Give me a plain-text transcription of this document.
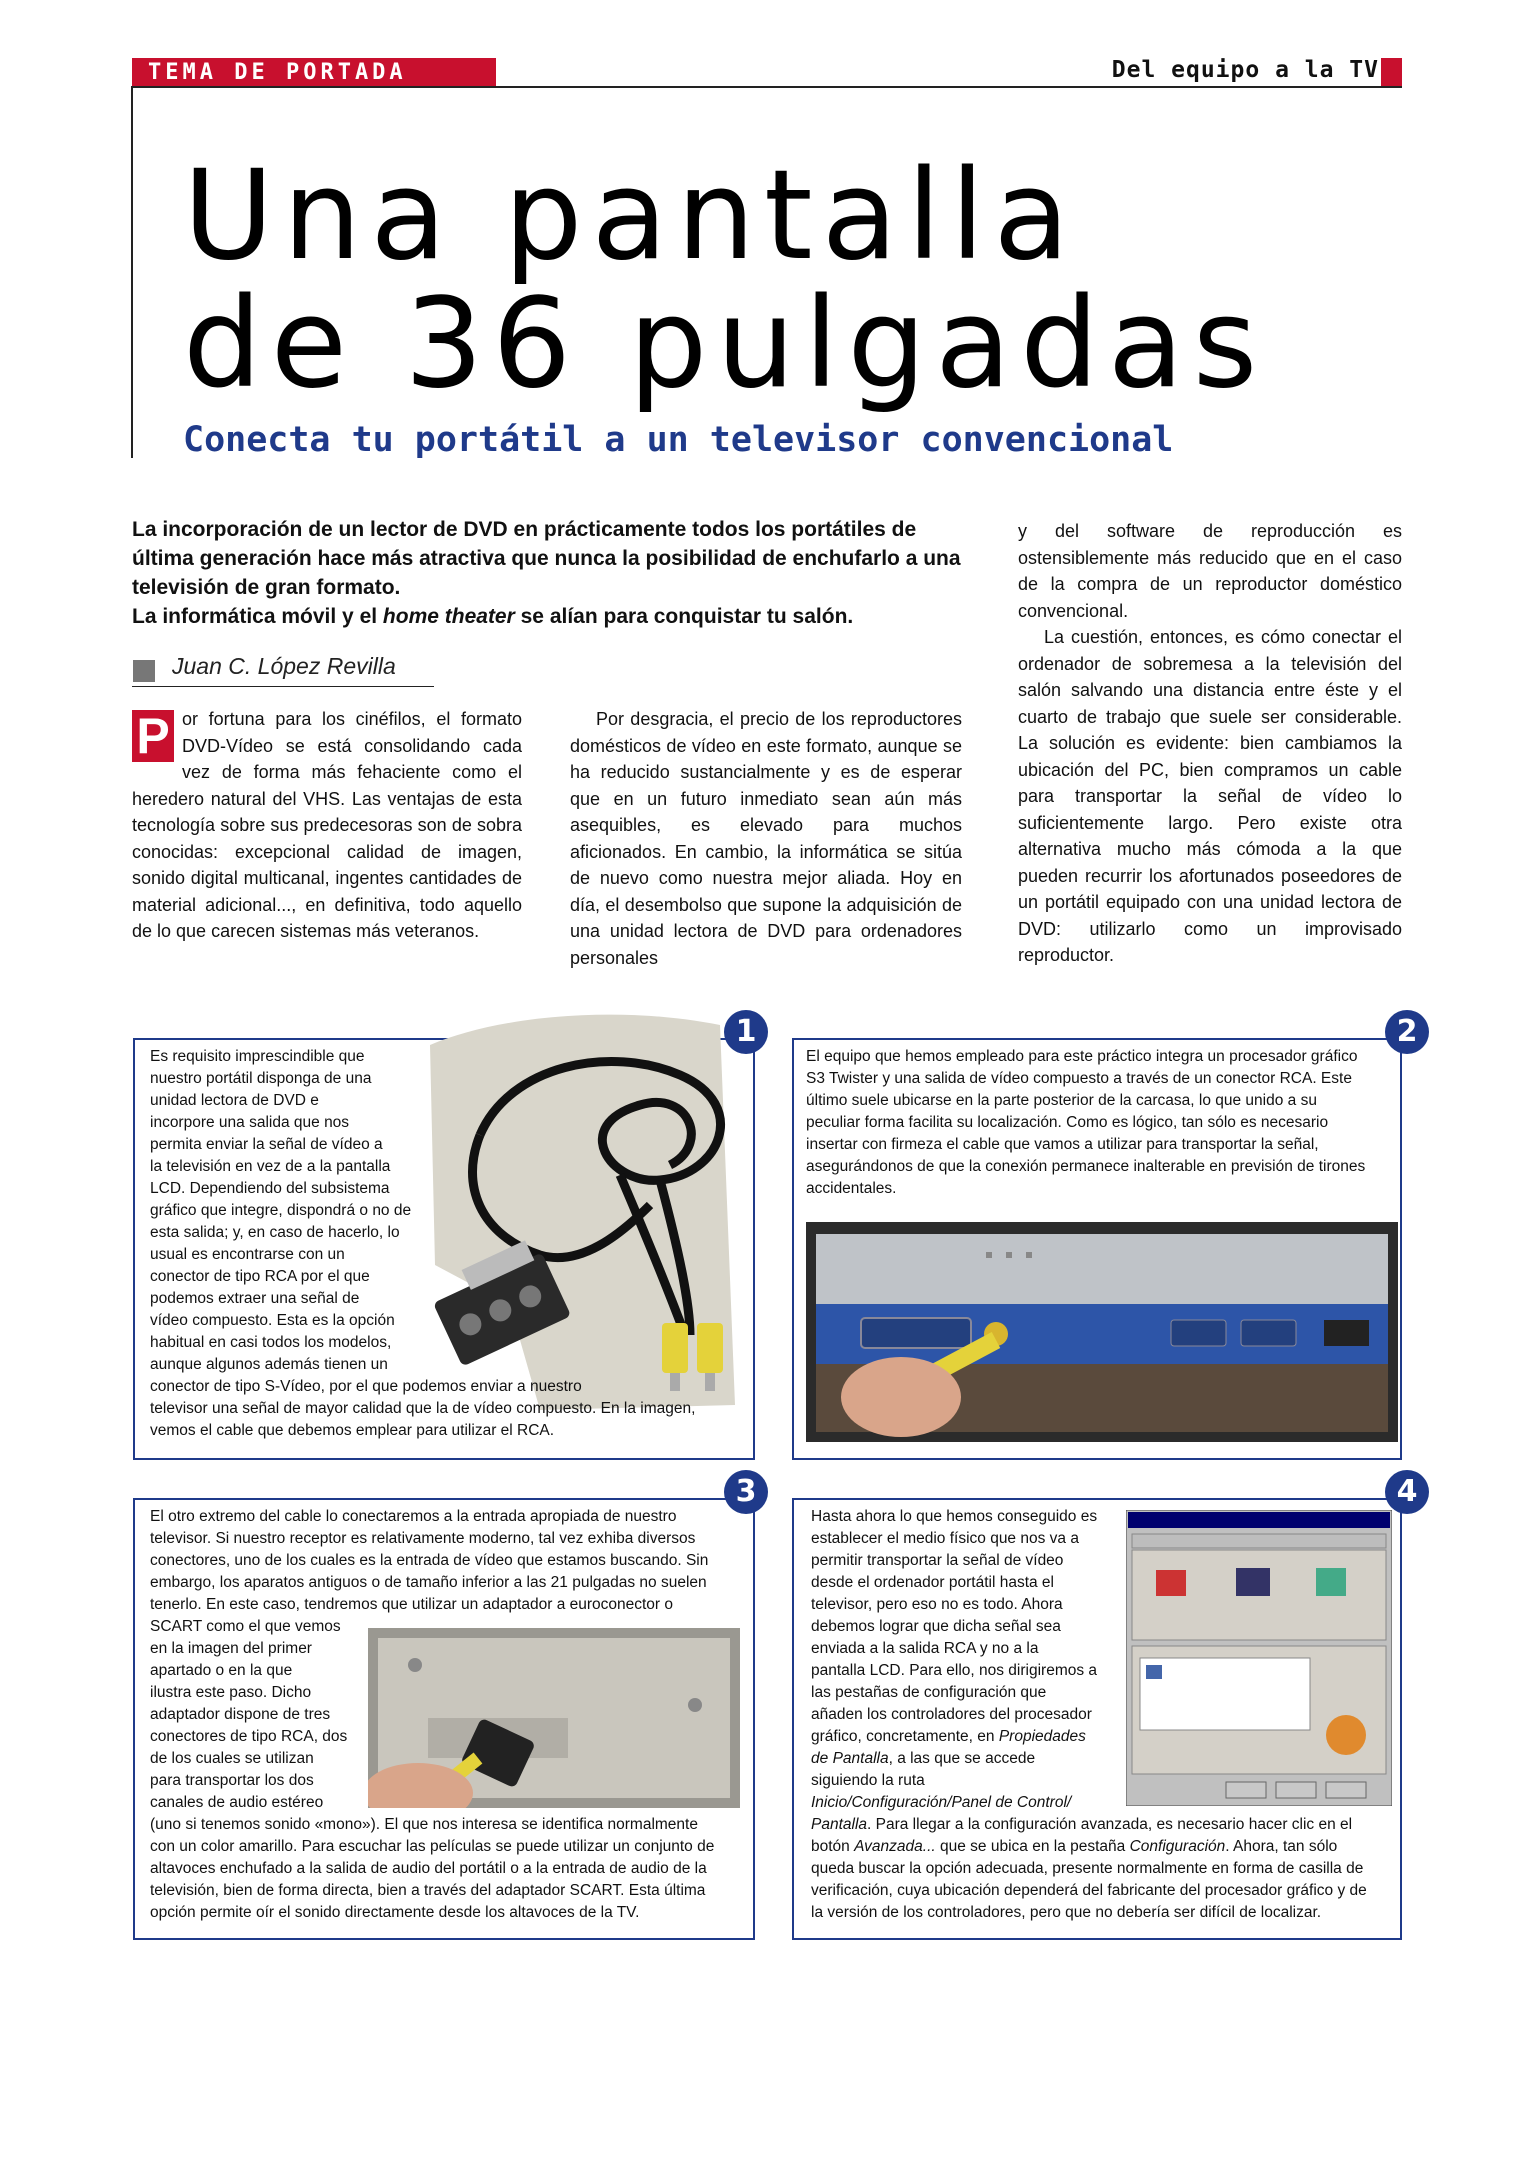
TEMA DE PORTADA	Del equipo a la TV
Una pantalla
de 36 pulgadas
Conecta tu portátil a un televisor convencional
La incorporación de un lector de DVD en prácticamente todos los portátiles de última generación hace más atractiva que nunca la posibilidad de enchufarlo a una televisión de gran formato.
La informática móvil y el home theater se alían para conquistar tu salón.
Juan C. López Revilla
P or fortuna para los cinéfilos, el formato DVD-Vídeo se está consolidando cada vez de forma más fehaciente como el heredero natural del VHS. Las ventajas de esta tecnología sobre sus predecesoras son de sobra conocidas: excepcional calidad de imagen, sonido digital multicanal, ingentes cantidades de material adicional..., en definitiva, todo aquello de lo que carecen sistemas más veteranos.

Por desgracia, el precio de los reproductores domésticos de vídeo en este formato, aunque se ha reducido sustancialmente y es de esperar que en un futuro inmediato sean aún más asequibles, es elevado para muchos aficionados. En cambio, la informática se sitúa de nuevo como nuestra mejor aliada. Hoy en día, el desembolso que supone la adquisición de una unidad lectora de DVD para ordenadores personales

y del software de reproducción es ostensiblemente más reducido que en el caso de la compra de un reproductor doméstico convencional.

La cuestión, entonces, es cómo conectar el ordenador de sobremesa a la televisión del salón salvando una distancia entre éste y el cuarto de trabajo que suele ser considerable. La solución es evidente: bien cambiamos la ubicación del PC, bien compramos un cable para transportar la señal de vídeo lo suficientemente largo. Pero existe otra alternativa mucho más cómoda a la que pueden recurrir los afortunados poseedores de un portátil equipado con una unidad lectora de DVD: utilizarlo como un improvisado reproductor.

1
Es requisito imprescindible que
nuestro portátil disponga de una
unidad lectora de DVD e
incorpore una salida que nos
permita enviar la señal de vídeo a
la televisión en vez de a la pantalla
LCD. Dependiendo del subsistema
gráfico que integre, dispondrá o no de
esta salida; y, en caso de hacerlo, lo
usual es encontrarse con un
conector de tipo RCA por el que
podemos extraer una señal de
vídeo compuesto. Esta es la opción
habitual en casi todos los modelos,
aunque algunos además tienen un
conector de tipo S-Vídeo, por el que podemos enviar a nuestro
televisor una señal de mayor calidad que la de vídeo compuesto. En la imagen,
vemos el cable que debemos emplear para utilizar el RCA.
2
El equipo que hemos empleado para este práctico integra un procesador gráfico
S3 Twister y una salida de vídeo compuesto a través de un conector RCA. Este
último suele ubicarse en la parte posterior de la carcasa, lo que unido a su
peculiar forma facilita su localización. Como es lógico, tan sólo es necesario
insertar con firmeza el cable que vamos a utilizar para transportar la señal,
asegurándonos de que la conexión permanece inalterable en previsión de tirones
accidentales.
3
El otro extremo del cable lo conectaremos a la entrada apropiada de nuestro
televisor. Si nuestro receptor es relativamente moderno, tal vez exhiba diversos
conectores, uno de los cuales es la entrada de vídeo que estamos buscando. Sin
embargo, los aparatos antiguos o de tamaño inferior a las 21 pulgadas no suelen
tenerlo. En este caso, tendremos que utilizar un adaptador a euroconector o
SCART como el que vemos
en la imagen del primer
apartado o en la que
ilustra este paso. Dicho
adaptador dispone de tres
conectores de tipo RCA, dos
de los cuales se utilizan
para transportar los dos
canales de audio estéreo
(uno si tenemos sonido «mono»). El que nos interesa se identifica normalmente
con un color amarillo. Para escuchar las películas se puede utilizar un conjunto de
altavoces enchufado a la salida de audio del portátil o a la entrada de audio de la
televisión, bien de forma directa, bien a través del adaptador SCART. Esta última
opción permite oír el sonido directamente desde los altavoces de la TV.
4
Hasta ahora lo que hemos conseguido es
establecer el medio físico que nos va a
permitir transportar la señal de vídeo
desde el ordenador portátil hasta el
televisor, pero eso no es todo. Ahora
debemos lograr que dicha señal sea
enviada a la salida RCA y no a la
pantalla LCD. Para ello, nos dirigiremos a
las pestañas de configuración que
añaden los controladores del procesador
gráfico, concretamente, en Propiedades
de Pantalla, a las que se accede
siguiendo la ruta
Inicio/Configuración/Panel de Control/
Pantalla. Para llegar a la configuración avanzada, es necesario hacer clic en el
botón Avanzada... que se ubica en la pestaña Configuración. Ahora, tan sólo
queda buscar la opción adecuada, presente normalmente en forma de casilla de
verificación, cuya ubicación dependerá del fabricante del procesador gráfico y de
la versión de los controladores, pero que no debería ser difícil de localizar.
